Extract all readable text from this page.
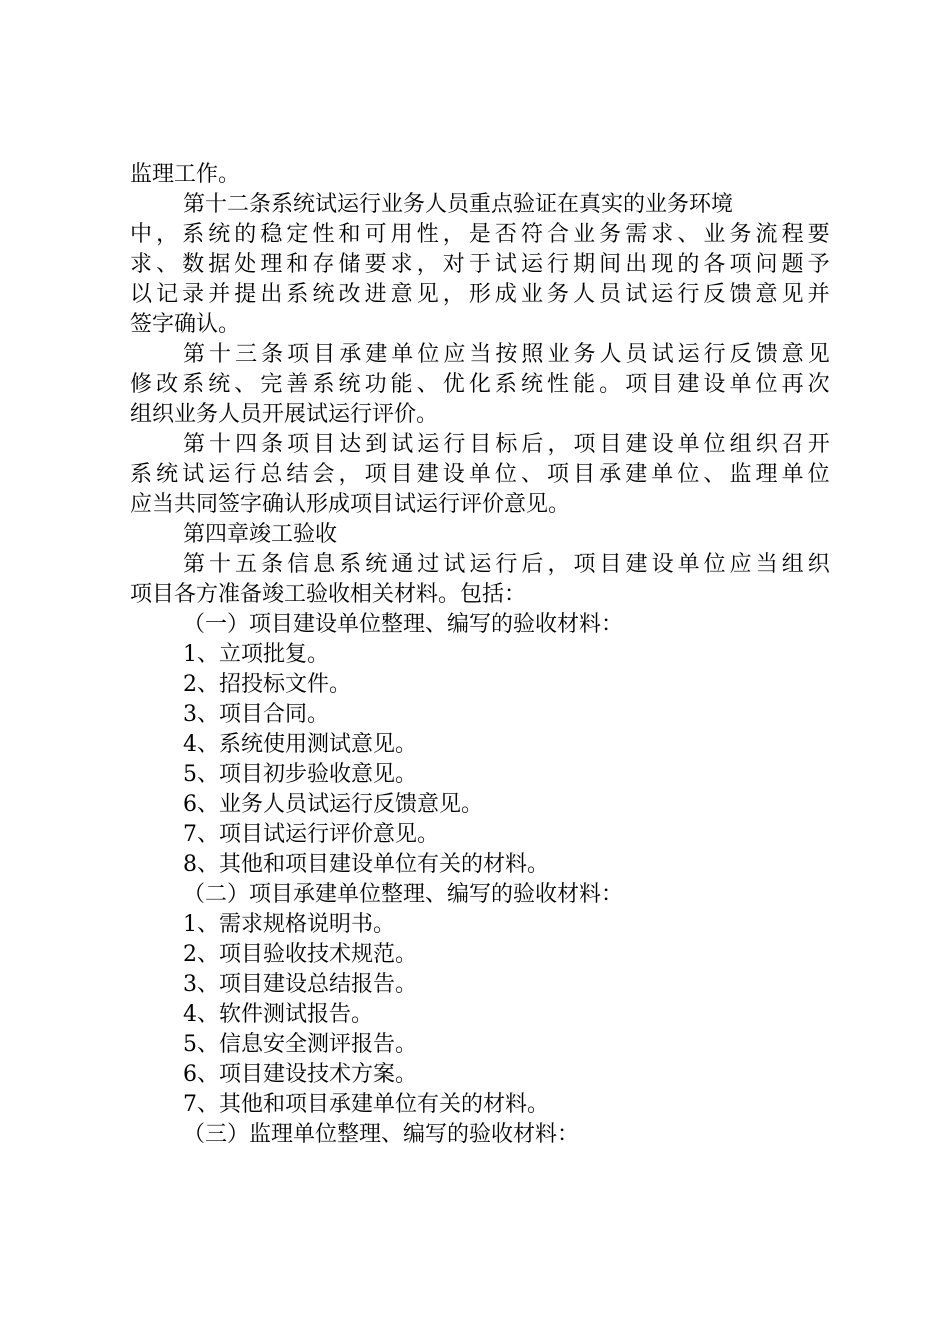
监理工作。
第十二条系统试运行业务人员重点验证在真实的业务环境
中 ， 系 统 的 稳 定 性 和 可 用 性 ， 是 否 符 合 业 务 需 求 、 业 务 流 程 要
求 、 数 据 处 理 和 存 储 要 求 ， 对 于 试 运 行 期 间 出 现 的 各 项 问 题 予
以 记 录 并 提 出 系 统 改 进 意 见 ， 形 成 业 务 人 员 试 运 行 反 馈 意 见 并
签字确认。
第 十 三 条 项 目 承 建 单 位 应 当 按 照 业 务 人 员 试 运 行 反 馈 意 见
修 改 系 统 、 完 善 系 统 功 能 、 优 化 系 统 性 能 。 项 目 建 设 单 位 再 次
组织业务人员开展试运行评价。
第 十 四 条 项 目 达 到 试 运 行 目 标 后 ， 项 目 建 设 单 位 组 织 召 开
系 统 试 运 行 总 结 会 ， 项 目 建 设 单 位 、 项 目 承 建 单 位 、 监 理 单 位
应当共同签字确认形成项目试运行评价意见。
第四章竣工验收
第 十 五 条 信 息 系 统 通 过 试 运 行 后 ， 项 目 建 设 单 位 应 当 组 织
项目各方准备竣工验收相关材料。包括：
（一）项目建设单位整理、编写的验收材料：
1、立项批复。
2、招投标文件。
3、项目合同。
4、系统使用测试意见。
5、项目初步验收意见。
6、业务人员试运行反馈意见。
7、项目试运行评价意见。
8、其他和项目建设单位有关的材料。
（二）项目承建单位整理、编写的验收材料：
1、需求规格说明书。
2、项目验收技术规范。
3、项目建设总结报告。
4、软件测试报告。
5、信息安全测评报告。
6、项目建设技术方案。
7、其他和项目承建单位有关的材料。
（三）监理单位整理、编写的验收材料：
